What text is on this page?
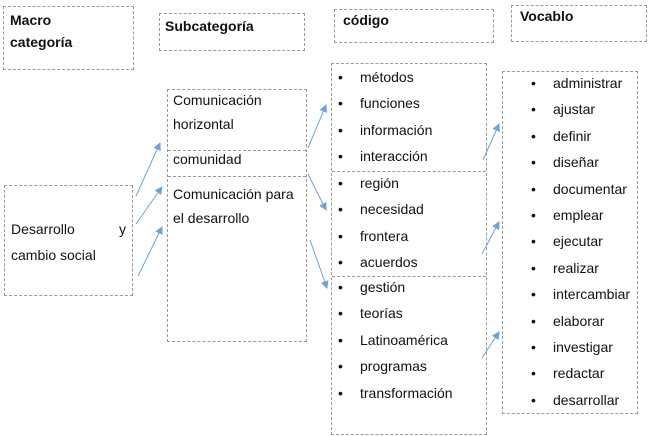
Macro
categoría
Subcategoría	código	Vocablo
Desarrollo	y
cambio social
Comunicación
horizontal
comunidad
Comunicación para
el desarrollo
• métodos
• funciones
• información
• interacción
• región
• necesidad
• frontera
• acuerdos
• gestión
• teorías
• Latinoamérica
• programas
• transformación
• administrar
• ajustar
• definir
• diseñar
• documentar
• emplear
• ejecutar
• realizar
• intercambiar
• elaborar
• investigar
• redactar
• desarrollar
